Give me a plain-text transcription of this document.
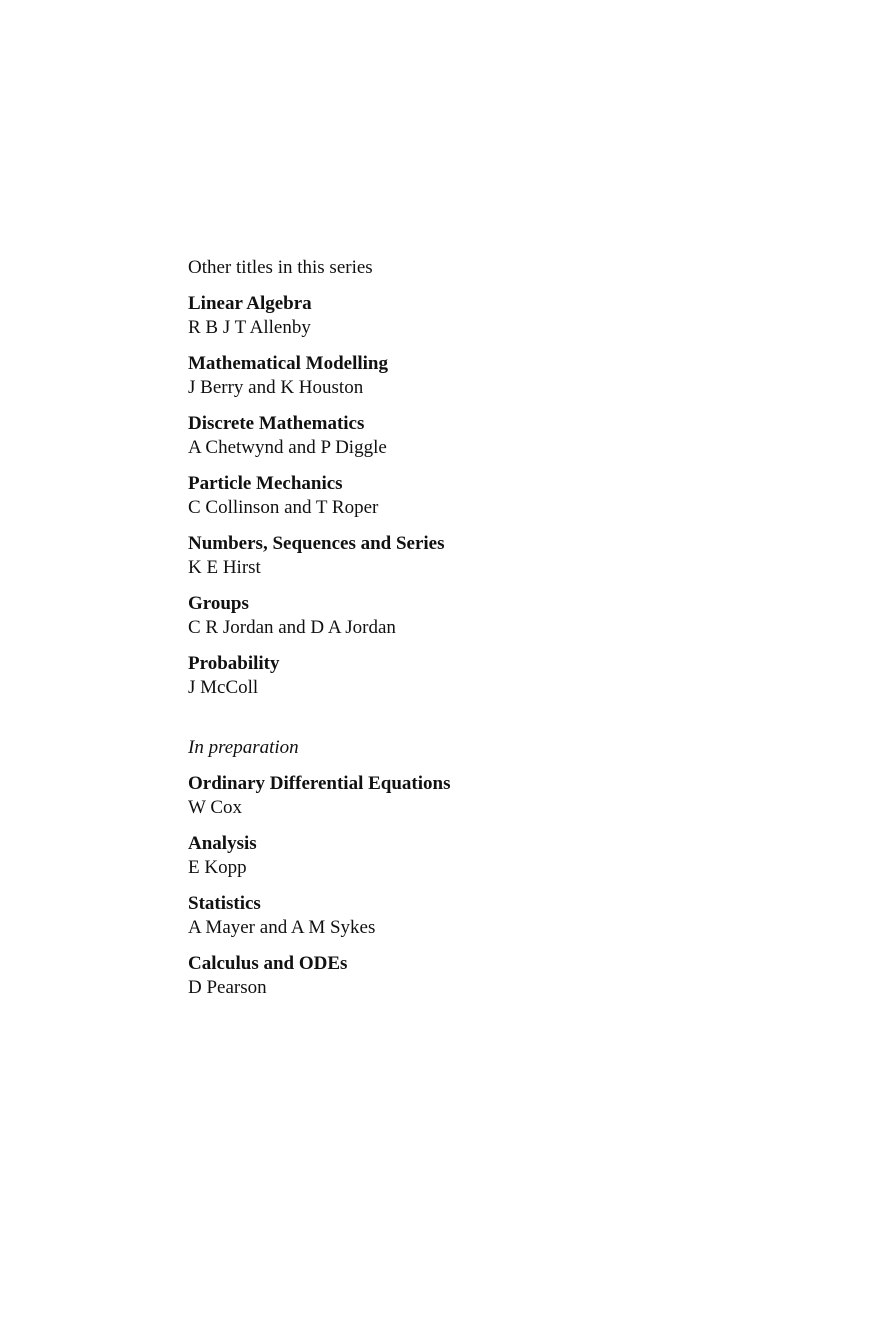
Other titles in this series
Linear Algebra
R B J T Allenby
Mathematical Modelling
J Berry and K Houston
Discrete Mathematics
A Chetwynd and P Diggle
Particle Mechanics
C Collinson and T Roper
Numbers, Sequences and Series
K E Hirst
Groups
C R Jordan and D A Jordan
Probability
J McColl
In preparation
Ordinary Differential Equations
W Cox
Analysis
E Kopp
Statistics
A Mayer and A M Sykes
Calculus and ODEs
D Pearson
